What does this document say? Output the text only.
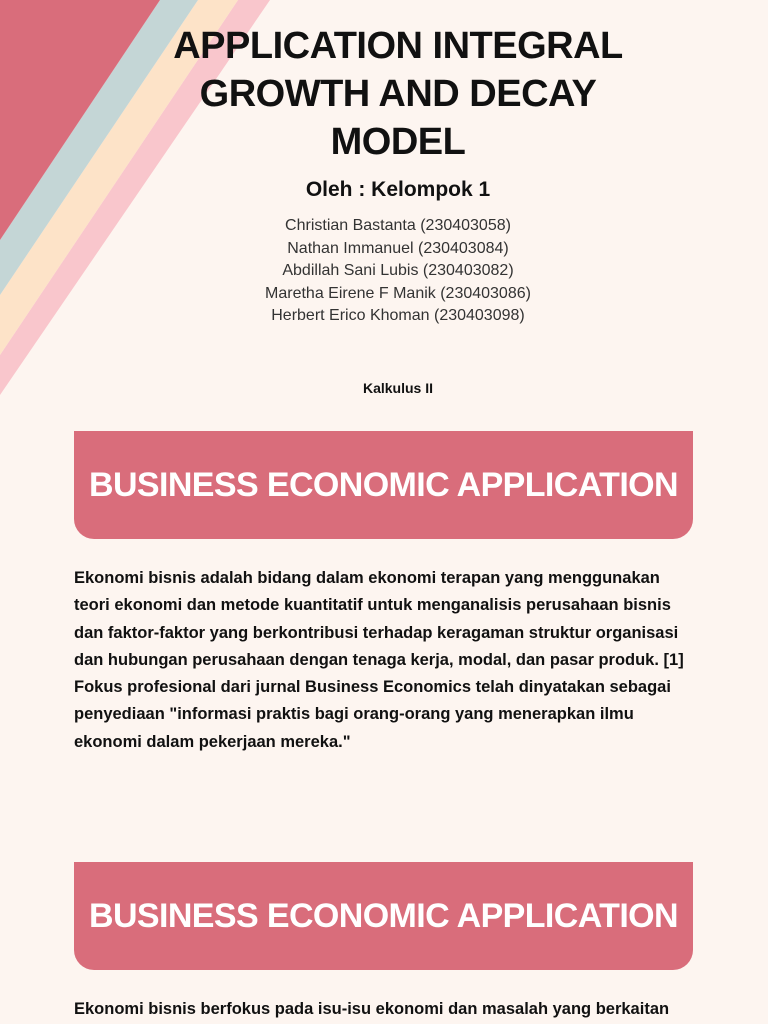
APPLICATION INTEGRAL
GROWTH AND DECAY
MODEL
Oleh : Kelompok 1
Christian Bastanta (230403058)
Nathan Immanuel (230403084)
Abdillah Sani Lubis (230403082)
Maretha Eirene F Manik (230403086)
Herbert Erico Khoman (230403098)
Kalkulus II
BUSINESS ECONOMIC APPLICATION

Ekonomi bisnis adalah bidang dalam ekonomi terapan yang menggunakan teori ekonomi dan metode kuantitatif untuk menganalisis perusahaan bisnis dan faktor-faktor yang berkontribusi terhadap keragaman struktur organisasi dan hubungan perusahaan dengan tenaga kerja, modal, dan pasar produk. [1] Fokus profesional dari jurnal Business Economics telah dinyatakan sebagai penyediaan "informasi praktis bagi orang-orang yang menerapkan ilmu ekonomi dalam pekerjaan mereka."

BUSINESS ECONOMIC APPLICATION

Ekonomi bisnis berfokus pada isu-isu ekonomi dan masalah yang berkaitan
